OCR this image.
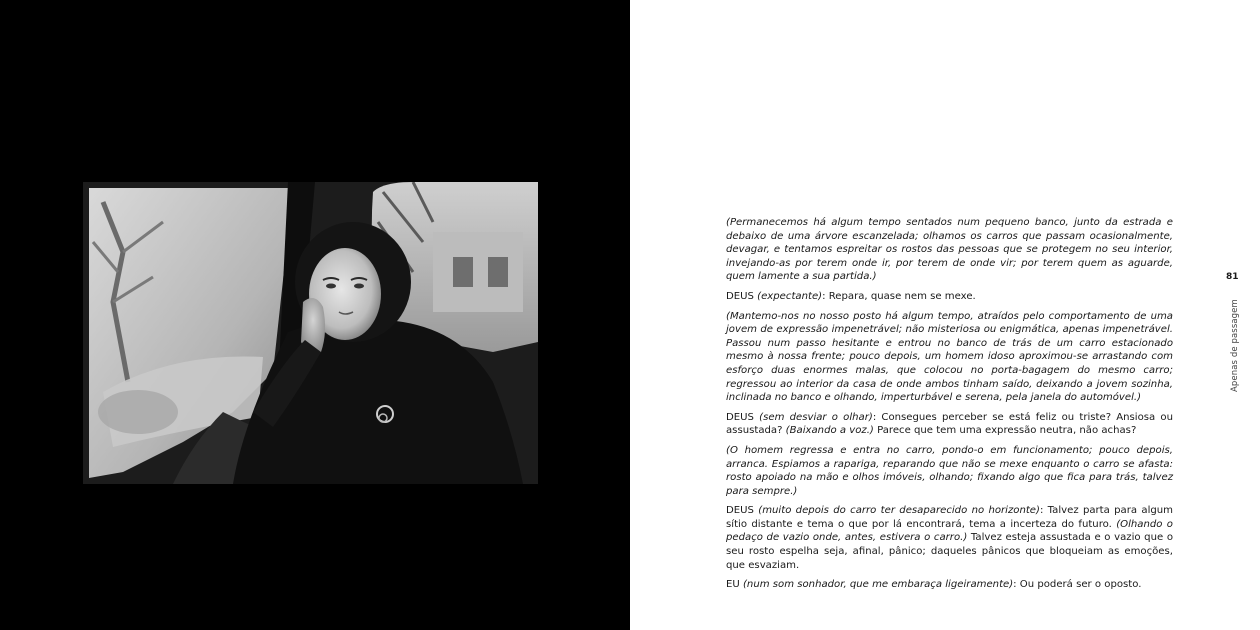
(Permanecemos há algum tempo sentados num pequeno banco, junto da estrada e debaixo de uma árvore escanzelada; olhamos os carros que passam ocasionalmente, devagar, e tentamos espreitar os rostos das pessoas que se protegem no seu interior, invejando-as por terem onde ir, por terem de onde vir; por terem quem as aguarde, quem lamente a sua partida.)

DEUS (expectante): Repara, quase nem se mexe.

(Mantemo-nos no nosso posto há algum tempo, atraídos pelo comportamento de uma jovem de expressão impenetrável; não misteriosa ou enigmática, apenas impenetrável. Passou num passo hesitante e entrou no banco de trás de um carro estacionado mesmo à nossa frente; pouco depois, um homem idoso aproximou-se arrastando com esforço duas enormes malas, que colocou no porta-bagagem do mesmo carro; regressou ao interior da casa de onde ambos tinham saído, deixando a jovem sozinha, inclinada no banco e olhando, imperturbável e serena, pela janela do automóvel.)

DEUS (sem desviar o olhar): Consegues perceber se está feliz ou triste? Ansiosa ou assustada? (Baixando a voz.) Parece que tem uma expressão neutra, não achas?

(O homem regressa e entra no carro, pondo-o em funcionamento; pouco depois, arranca. Espiamos a rapariga, reparando que não se mexe enquanto o carro se afasta: rosto apoiado na mão e olhos imóveis, olhando; fixando algo que fica para trás, talvez para sempre.)

DEUS (muito depois do carro ter desaparecido no horizonte): Talvez parta para algum sítio distante e tema o que por lá encontrará, tema a incerteza do futuro. (Olhando o pedaço de vazio onde, antes, estivera o carro.) Talvez esteja assustada e o vazio que o seu rosto espelha seja, afinal, pânico; daqueles pânicos que bloqueiam as emoções, que esvaziam.

EU (num som sonhador, que me embaraça ligeiramente): Ou poderá ser o oposto.

81
Apenas de passagem
